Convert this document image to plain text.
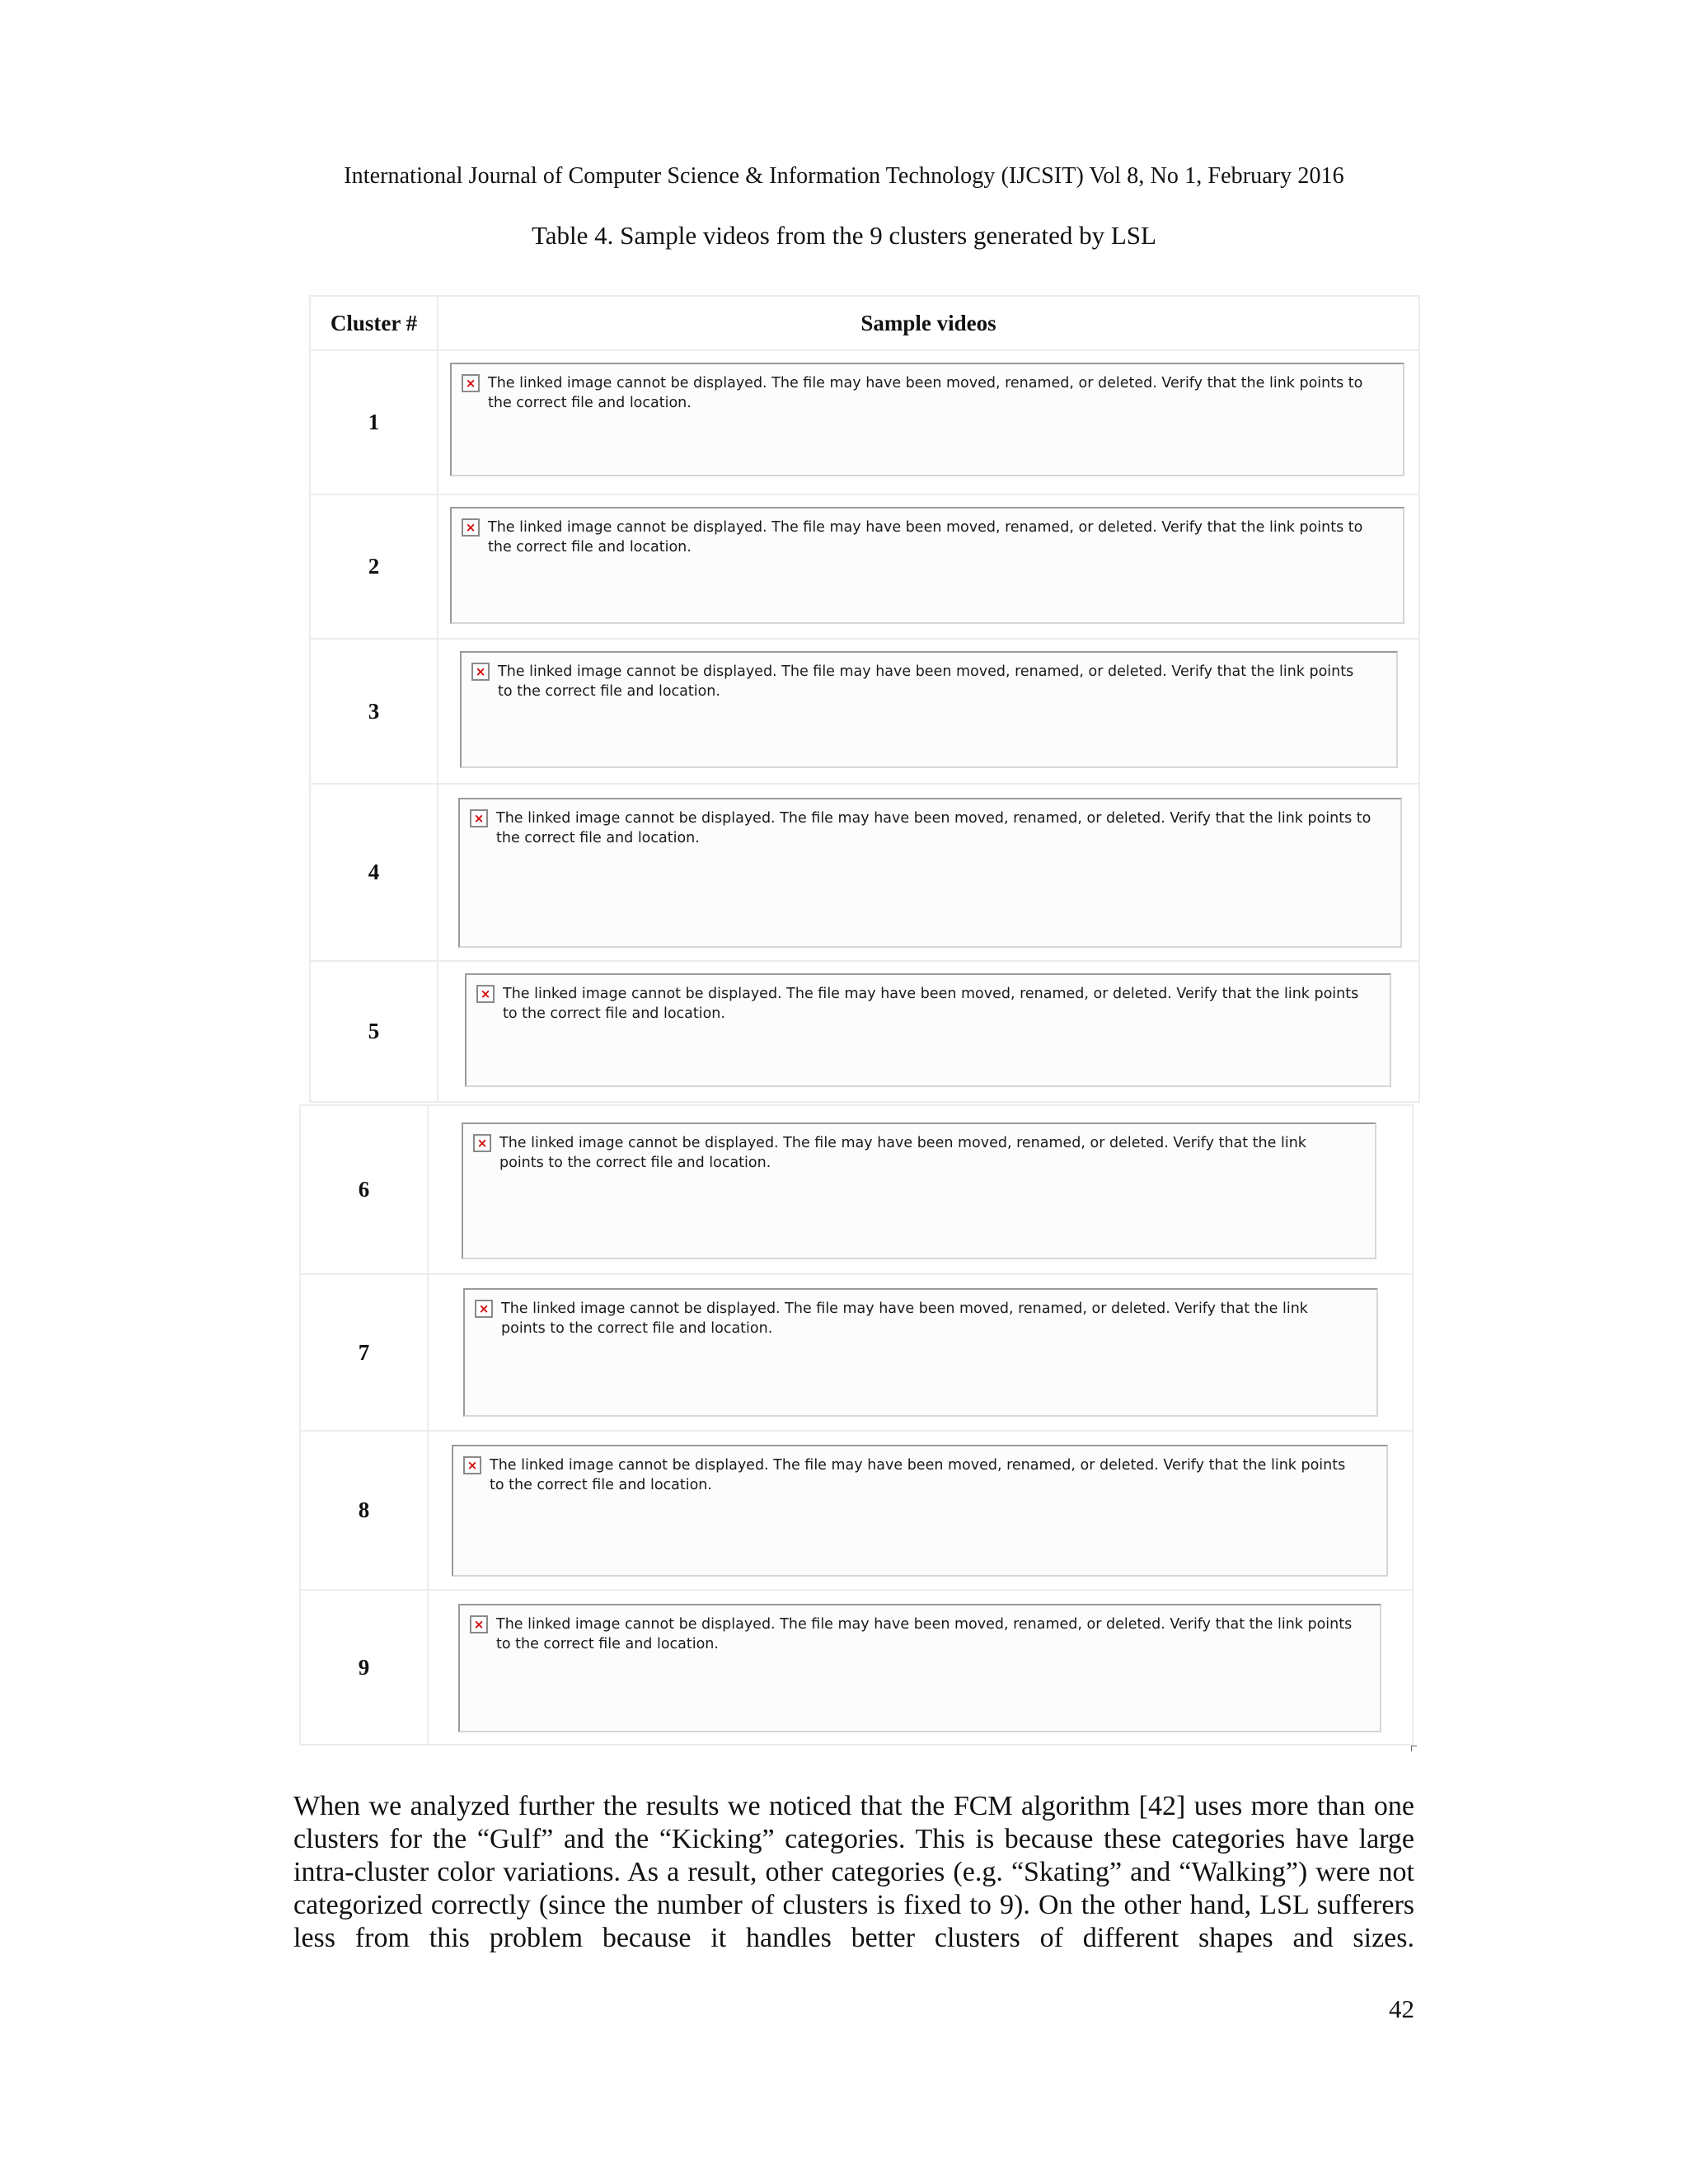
International Journal of Computer Science & Information Technology (IJCSIT) Vol 8, No 1, February 2016
Table 4. Sample videos from the 9 clusters generated by LSL
Cluster #	Sample videos
1	× The linked image cannot be displayed. The file may have been moved, renamed, or deleted. Verify that the link points to the correct file and location.

2	× The linked image cannot be displayed. The file may have been moved, renamed, or deleted. Verify that the link points to the correct file and location.

3	× The linked image cannot be displayed. The file may have been moved, renamed, or deleted. Verify that the link points to the correct file and location.

4	× The linked image cannot be displayed. The file may have been moved, renamed, or deleted. Verify that the link points to the correct file and location.

5	× The linked image cannot be displayed. The file may have been moved, renamed, or deleted. Verify that the link points to the correct file and location.
6	× The linked image cannot be displayed. The file may have been moved, renamed, or deleted. Verify that the link points to the correct file and location.

7	× The linked image cannot be displayed. The file may have been moved, renamed, or deleted. Verify that the link points to the correct file and location.

8	× The linked image cannot be displayed. The file may have been moved, renamed, or deleted. Verify that the link points to the correct file and location.

9	× The linked image cannot be displayed. The file may have been moved, renamed, or deleted. Verify that the link points to the correct file and location.

When we analyzed further the results we noticed that the FCM algorithm [42] uses more than one clusters for the “Gulf” and the “Kicking” categories. This is because these categories have large intra-cluster color variations. As a result, other categories (e.g. “Skating” and “Walking”) were not categorized correctly (since the number of clusters is fixed to 9). On the other hand, LSL sufferers less from this problem because it handles better clusters of different shapes and sizes.

42
